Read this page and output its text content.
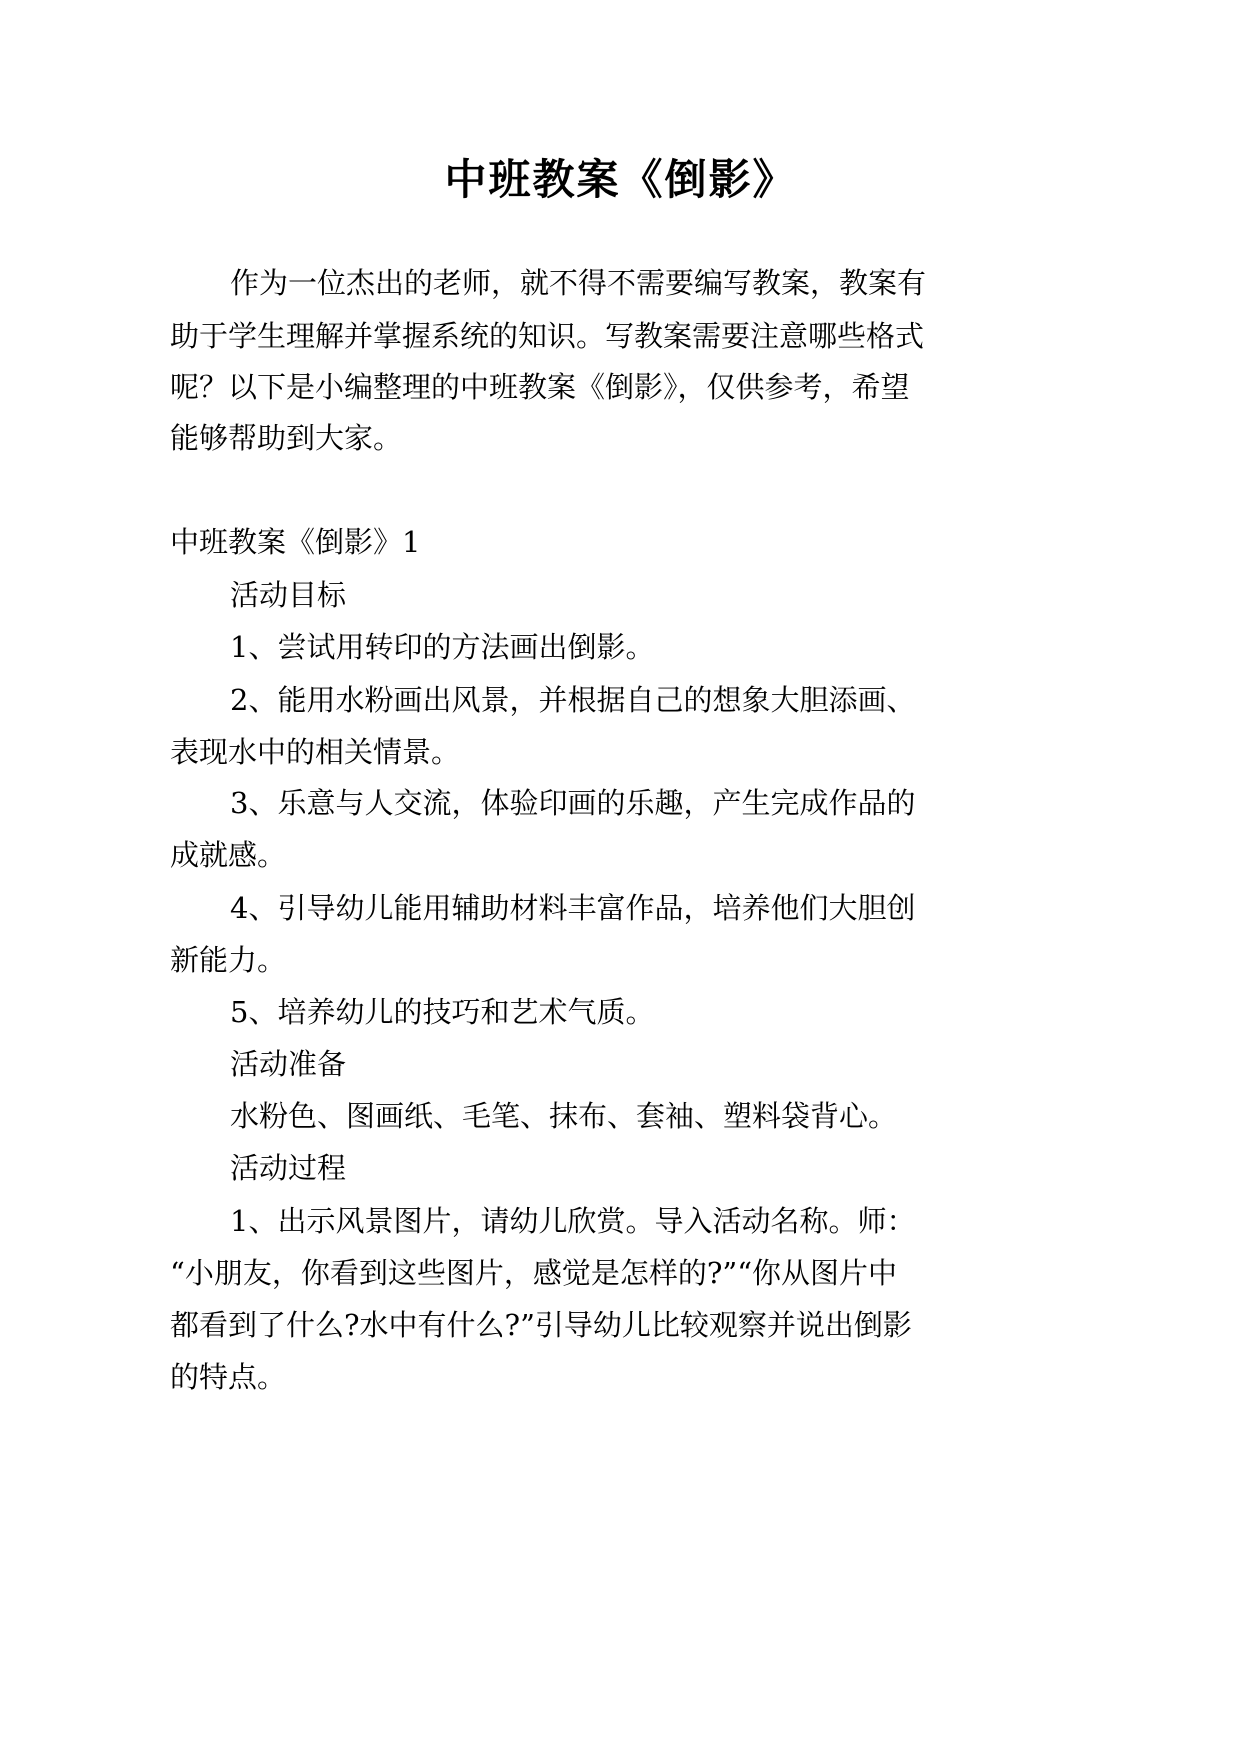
中班教案《倒影》
作为一位杰出的老师，就不得不需要编写教案，教案有
助于学生理解并掌握系统的知识。写教案需要注意哪些格式
呢？以下是小编整理的中班教案《倒影》，仅供参考，希望
能够帮助到大家。
中班教案《倒影》1
活动目标
1、尝试用转印的方法画出倒影。
2、能用水粉画出风景，并根据自己的想象大胆添画、
表现水中的相关情景。
3、乐意与人交流，体验印画的乐趣，产生完成作品的
成就感。
4、引导幼儿能用辅助材料丰富作品，培养他们大胆创
新能力。
5、培养幼儿的技巧和艺术气质。
活动准备
水粉色、图画纸、毛笔、抹布、套袖、塑料袋背心。
活动过程
1、出示风景图片，请幼儿欣赏。导入活动名称。师：
“小朋友，你看到这些图片，感觉是怎样的?”“你从图片中
都看到了什么?水中有什么?”引导幼儿比较观察并说出倒影
的特点。
